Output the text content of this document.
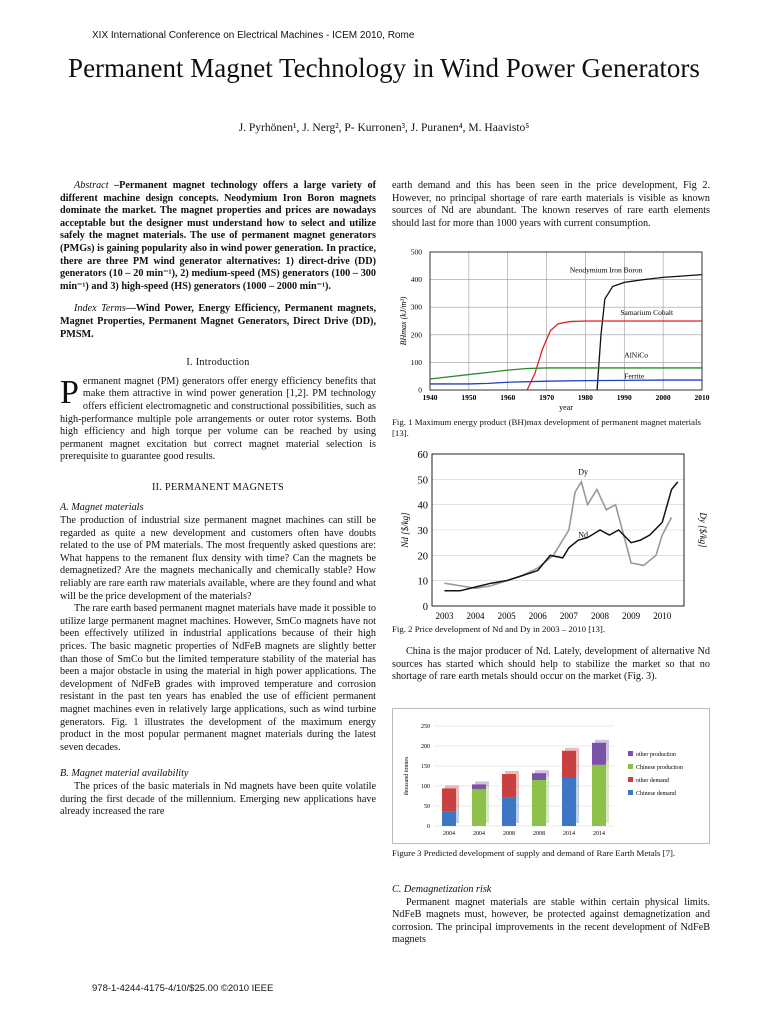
XIX International Conference on Electrical Machines - ICEM 2010, Rome
Permanent Magnet Technology in Wind Power Generators
J. Pyrhönen¹, J. Nerg², P- Kurronen³, J. Puranen⁴, M. Haavisto⁵

Abstract –Permanent magnet technology offers a large variety of different machine design concepts. Neodymium Iron Boron magnets dominate the market. The magnet properties and prices are nowadays acceptable but the designer must understand how to select and utilize safely the magnet materials. The use of permanent magnet generators (PMGs) is gaining popularity also in wind power generation. In practice, there are three PM wind generator alternatives: 1) direct-drive (DD) generators (10 – 20 min⁻¹), 2) medium-speed (MS) generators (100 – 300 min⁻¹) and 3) high-speed (HS) generators (1000 – 2000 min⁻¹).

Index Terms—Wind Power, Energy Efficiency, Permanent magnets, Magnet Properties, Permanent Magnet Generators, Direct Drive (DD), PMSM.

I. Introduction

Permanent magnet (PM) generators offer energy efficiency benefits that make them attractive in wind power generation [1,2]. PM technology offers efficient electromagnetic and constructional possibilities, such as high-performance multiple pole arrangements or outer rotor systems. Both high efficiency and high torque per volume can be reached by using permanent magnet excitation but correct magnet material selection is prerequisite to guarantee good results.

II. PERMANENT MAGNETS

A. Magnet materials

The production of industrial size permanent magnet machines can still be regarded as quite a new development and customers often have doubts related to the use of PM materials. The most frequently asked questions are: What happens to the remanent flux density with time? Can the magnets be demagnetized? Are the magnets mechanically and chemically stable? How reliably are rare earth raw materials available, where are they found and what will be the price development of the materials?

The rare earth based permanent magnet materials have made it possible to utilize large permanent magnet machines. However, SmCo magnets have not been effectively utilized in industrial applications because of their high prices. The basic magnetic properties of NdFeB magnets are slightly better than those of SmCo but the limited temperature stability of the material has been a major obstacle in using the material in high power applications. The development of NdFeB grades with improved temperature and corrosion resistant in the past ten years has enabled the use of efficient permanent magnet machines even in relatively large applications, such as wind turbine generators. Fig. 1 illustrates the development of the maximum energy product in the most popular permanent magnet materials during the latest seven decades.

B. Magnet material availability

The prices of the basic materials in Nd magnets have been quite volatile during the first decade of the millennium. Emerging new applications have already increased the rare

earth demand and this has been seen in the price development, Fig 2. However, no principal shortage of rare earth materials is visible as known sources of Nd are abundant. The known reserves of rare earth elements should last for more than 1000 years with current consumption.
1940	1950	1960	1970	1980	1990	2000	2010
0
100
200
300
400
500
BHmax (kJ/m³)
year
Neodymium Iron Boron
Samarium Cobalt
AlNiCo
Ferrite
Fig. 1 Maximum energy product (BH)max development of permanent magnet materials [13].
0
10
20
30
40
50
60
2003 2004 2005 2006 2007 2008 2009 2010
Nd [$/kg]	Dy [$/kg]
Nd
Dy
Fig. 2 Price development of Nd and Dy in 2003 – 2010 [13].

China is the major producer of Nd. Lately, development of alternative Nd sources has started which should help to stabilize the market so that no shortage of rare earth metals should occur on the market (Fig. 3).

0
50
100
150
200
250
2004	2004	2008	2008	2014	2014
thousand tonnes
other production
Chinese production
other demand
Chinese demand
Figure 3 Predicted development of supply and demand of Rare Earth Metals [7].

C. Demagnetization risk

Permanent magnet materials are stable within certain physical limits. NdFeB magnets must, however, be protected against demagnetization and corrosion. The principal improvements in the recent development of NdFeB magnets

978-1-4244-4175-4/10/$25.00 ©2010 IEEE
